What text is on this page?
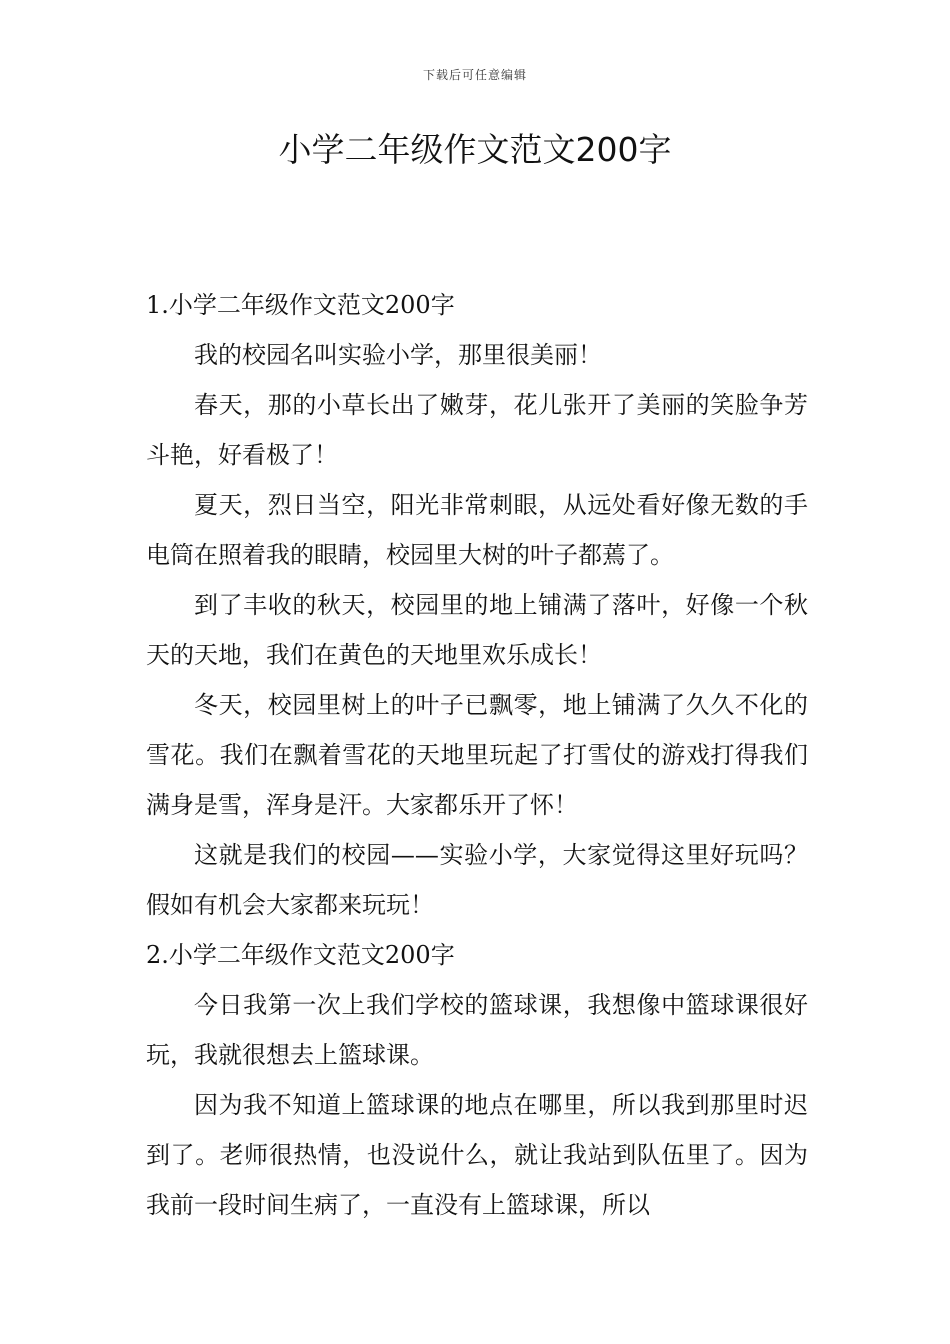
下载后可任意编辑
小学二年级作文范文200字

1.小学二年级作文范文200字

我的校园名叫实验小学，那里很美丽！

春天，那的小草长出了嫩芽，花儿张开了美丽的笑脸争芳斗艳，好看极了！

夏天，烈日当空，阳光非常刺眼，从远处看好像无数的手电筒在照着我的眼睛，校园里大树的叶子都蔫了。

到了丰收的秋天，校园里的地上铺满了落叶，好像一个秋天的天地，我们在黄色的天地里欢乐成长！

冬天，校园里树上的叶子已飘零，地上铺满了久久不化的雪花。我们在飘着雪花的天地里玩起了打雪仗的游戏打得我们满身是雪，浑身是汗。大家都乐开了怀！

这就是我们的校园——实验小学，大家觉得这里好玩吗？假如有机会大家都来玩玩！

2.小学二年级作文范文200字

今日我第一次上我们学校的篮球课，我想像中篮球课很好玩，我就很想去上篮球课。

因为我不知道上篮球课的地点在哪里，所以我到那里时迟到了。老师很热情，也没说什么，就让我站到队伍里了。因为我前一段时间生病了，一直没有上篮球课，所以
